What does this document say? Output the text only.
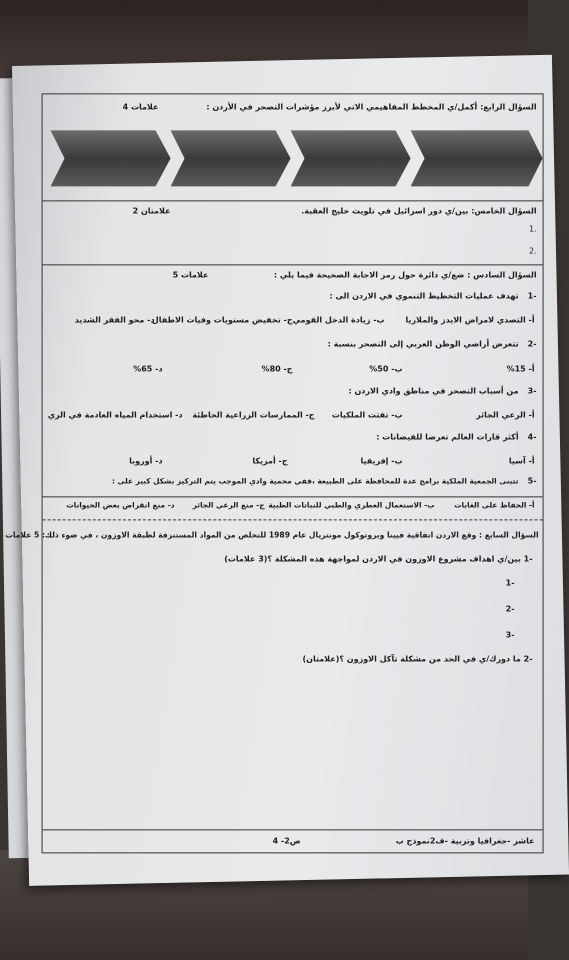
السؤال الرابع: أكمل/ي المخطط المفاهيمي الاتي لأبرز مؤشرات التصحر في الأردن :
4 علامات
السؤال الخامس: بين/ي دور اسرائيل في تلويث خليج العقبة.
2 علامتان
1.
2.
السؤال السادس : ضع/ي دائرة حول رمز الاجابة الصحيحة فيما يلي :
5 علامات
-1
تهدف عمليات التخطيط التنموي في الاردن الى :
أ- التصدي لامراض الايدز والملاريا
ب- زيادة الدخل القومي
ج- تخفيض مستويات وفيات الاطفال
د- محو الفقر الشديد
-2
تتعرض أراضي الوطن العربي إلى التصحر بنسبة :
أ- 15%
ب- 50%
ج- 80%
د- 65%
-3
من أسباب التصحر في مناطق وادي الاردن :
أ- الرعي الجائر
ب- تفتت الملكيات
ج- الممارسات الزراعية الخاطئة
د- استخدام المياه العادمة في الري
-4
أكثر قارات العالم تعرضا للفيضانات :
أ- آسيا
ب- إفريقيا
ج- أمريكا
د- أوروبا
-5
تتبنى الجمعية الملكية برامج عدة للمحافظة على الطبيعة ،ففي محمية وادي الموجب يتم التركيز بشكل كبير على :
أ- الحفاظ على الغابات
ب- الاستعمال العطري والطبي للنباتات الطبية
ج- منع الرعي الجائر
د- منع انقراض بعض الحيوانات
السؤال السابع : وقع الاردن اتفاقية فيينا وبروتوكول مونتريال عام 1989 للتخلص من المواد المستنزفة لطبقة الاوزون ، في ضوء ذلك: 5 علامات
-1 بين/ي اهداف مشروع الاوزون في الاردن لمواجهة هذه المشكلة ؟(3 علامات)
-1
-2
-3
-2 ما دورك/ي في الحد من مشكلة تآكل الاوزون ؟(علامتان)
عاشر -جغرافيا وتربية -ف2نموذج ب
ص2- 4
